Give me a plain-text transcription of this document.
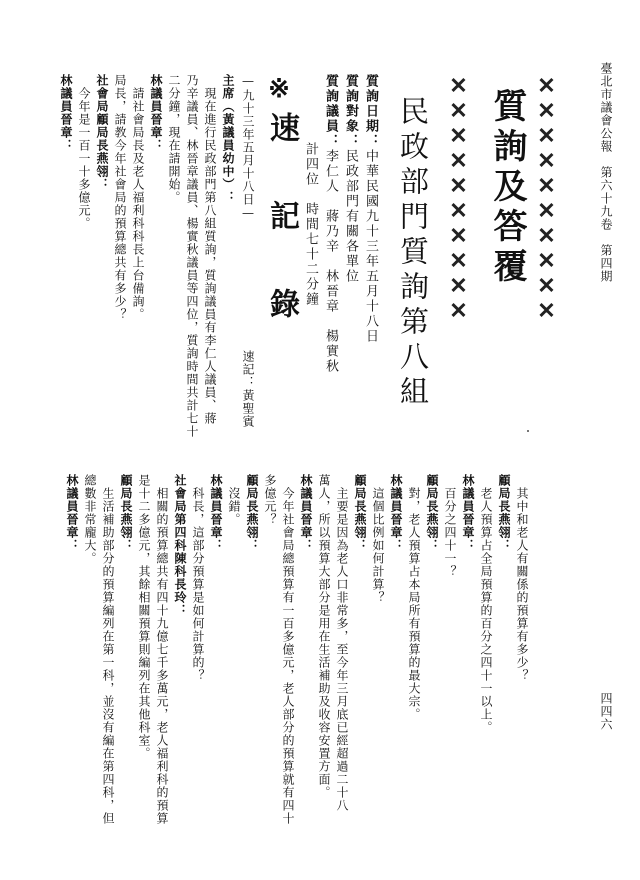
臺北市議會公報　第六十九卷　第四期
四四六
✕✕✕✕✕✕✕✕✕✕
質詢及答覆
✕✕✕✕✕✕✕✕✕✕
民政部門質詢第八組
質詢日期：中華民國九十三年五月十八日
質詢對象：民政部門有關各單位
質詢議員：李仁人　蔣乃辛　林晉章　楊實秋
計四位　時間七十二分鐘
※
速　記　錄
—九十三年五月十八日—
速記：黃聖賓
主席（黃議員幼中）：
　現在進行民政部門第八組質詢，質詢議員有李仁人議員、蔣
乃辛議員、林晉章議員、楊實秋議員等四位，質詢時間共計七十
二分鐘，現在請開始。
林議員晉章：
　請社會局長及老人福利科科長上台備詢。
局長，請教今年社會局的預算總共有多少？
社會局顧局長燕翎：
　今年是一百一十多億元。
林議員晉章：
　其中和老人有關係的預算有多少？
顧局長燕翎：
　老人預算占全局預算的百分之四十一以上。
林議員晉章：
　百分之四十一？
顧局長燕翎：
　對，老人預算占本局所有預算的最大宗。
林議員晉章：
　這個比例如何計算？
顧局長燕翎：
　主要是因為老人口非常多，至今年三月底已經超過二十八
萬人，所以預算大部分是用在生活補助及收容安置方面。
林議員晉章：
　今年社會局總預算有一百多億元，老人部分的預算就有四十
多億元？
顧局長燕翎：
　沒錯。
林議員晉章：
　科長，這部分預算是如何計算的？
社會局第四科陳科長玲：
　相關的預算總共有四十九億七千多萬元，老人福利科的預算
是十二多億元，其餘相關預算則編列在其他科室。
顧局長燕翎：
　生活補助部分的預算編列在第一科，並沒有編在第四科，但
總數非常龐大。
林議員晉章：
